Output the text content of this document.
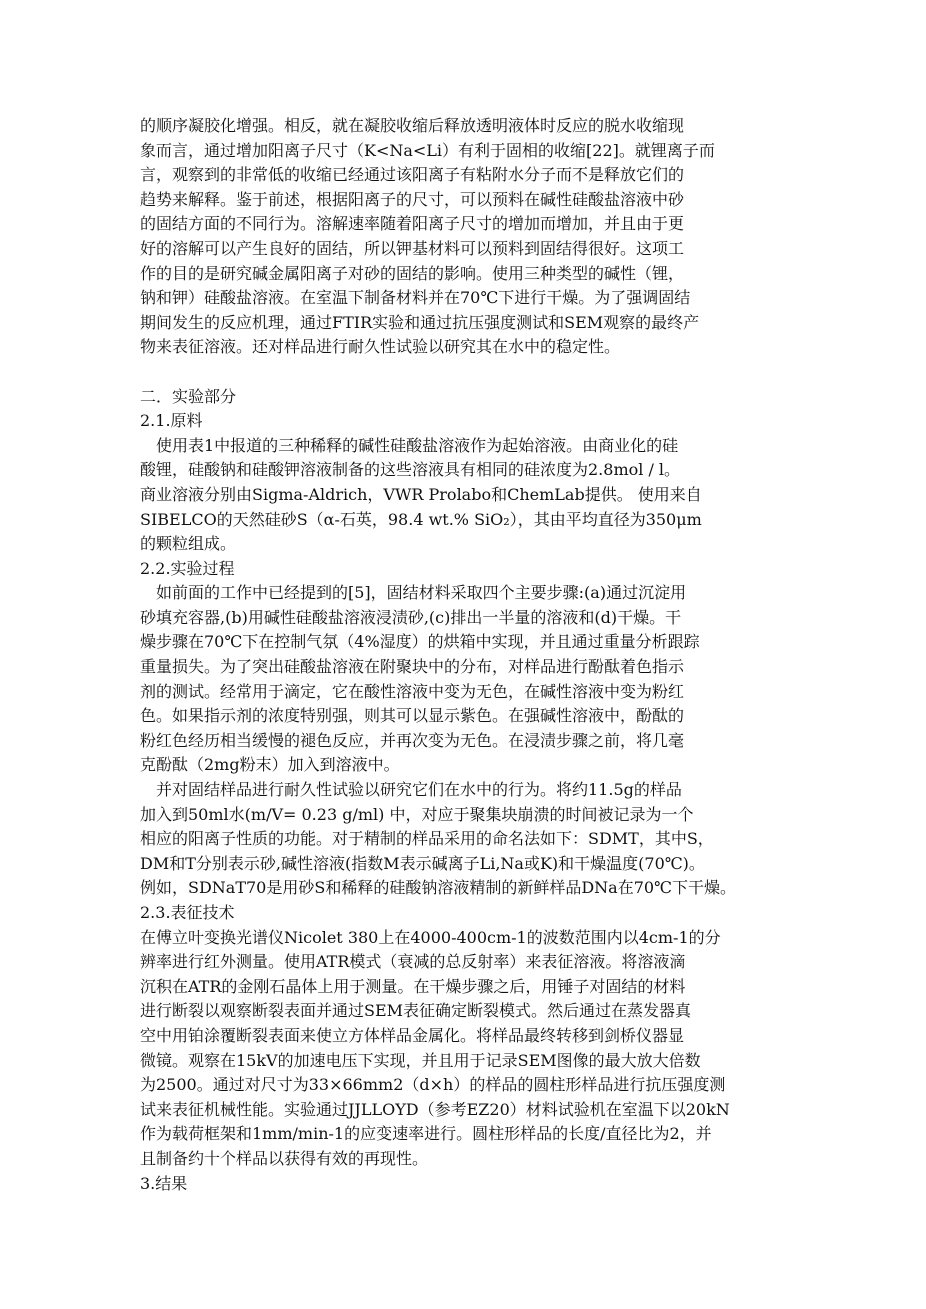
的顺序凝胶化增强。相反，就在凝胶收缩后释放透明液体时反应的脱水收缩现
象而言，通过增加阳离子尺寸（K<Na<Li）有利于固相的收缩[22]。就锂离子而
言，观察到的非常低的收缩已经通过该阳离子有粘附水分子而不是释放它们的
趋势来解释。鉴于前述，根据阳离子的尺寸，可以预料在碱性硅酸盐溶液中砂
的固结方面的不同行为。溶解速率随着阳离子尺寸的增加而增加，并且由于更
好的溶解可以产生良好的固结，所以钾基材料可以预料到固结得很好。这项工
作的目的是研究碱金属阳离子对砂的固结的影响。使用三种类型的碱性（锂，
钠和钾）硅酸盐溶液。在室温下制备材料并在70℃下进行干燥。为了强调固结
期间发生的反应机理，通过FTIR实验和通过抗压强度测试和SEM观察的最终产
物来表征溶液。还对样品进行耐久性试验以研究其在水中的稳定性。
二．实验部分
2.1.原料
　使用表1中报道的三种稀释的碱性硅酸盐溶液作为起始溶液。由商业化的硅
酸锂，硅酸钠和硅酸钾溶液制备的这些溶液具有相同的硅浓度为2.8mol / l。
商业溶液分别由Sigma-Aldrich，VWR Prolabo和ChemLab提供。 使用来自
SIBELCO的天然硅砂S（α-石英，98.4 wt.% SiO₂），其由平均直径为350μm
的颗粒组成。
2.2.实验过程
　如前面的工作中已经提到的[5]，固结材料采取四个主要步骤:(a)通过沉淀用
砂填充容器,(b)用碱性硅酸盐溶液浸渍砂,(c)排出一半量的溶液和(d)干燥。干
燥步骤在70℃下在控制气氛（4%湿度）的烘箱中实现，并且通过重量分析跟踪
重量损失。为了突出硅酸盐溶液在附聚块中的分布，对样品进行酚酞着色指示
剂的测试。经常用于滴定，它在酸性溶液中变为无色，在碱性溶液中变为粉红
色。如果指示剂的浓度特别强，则其可以显示紫色。在强碱性溶液中，酚酞的
粉红色经历相当缓慢的褪色反应，并再次变为无色。在浸渍步骤之前，将几毫
克酚酞（2mg粉末）加入到溶液中。
　并对固结样品进行耐久性试验以研究它们在水中的行为。将约11.5g的样品
加入到50ml水(m/V= 0.23 g/ml) 中，对应于聚集块崩溃的时间被记录为一个
相应的阳离子性质的功能。对于精制的样品采用的命名法如下：SDMT，其中S，
DM和T分别表示砂,碱性溶液(指数M表示碱离子Li,Na或K)和干燥温度(70℃)。
例如，SDNaT70是用砂S和稀释的硅酸钠溶液精制的新鲜样品DNa在70℃下干燥。
2.3.表征技术
在傅立叶变换光谱仪Nicolet 380上在4000-400cm-1的波数范围内以4cm-1的分
辨率进行红外测量。使用ATR模式（衰减的总反射率）来表征溶液。将溶液滴
沉积在ATR的金刚石晶体上用于测量。在干燥步骤之后，用锤子对固结的材料
进行断裂以观察断裂表面并通过SEM表征确定断裂模式。然后通过在蒸发器真
空中用铂涂覆断裂表面来使立方体样品金属化。将样品最终转移到剑桥仪器显
微镜。观察在15kV的加速电压下实现，并且用于记录SEM图像的最大放大倍数
为2500。通过对尺寸为33×66mm2（d×h）的样品的圆柱形样品进行抗压强度测
试来表征机械性能。实验通过JJLLOYD（参考EZ20）材料试验机在室温下以20kN
作为载荷框架和1mm/min-1的应变速率进行。圆柱形样品的长度/直径比为2，并
且制备约十个样品以获得有效的再现性。
3.结果
